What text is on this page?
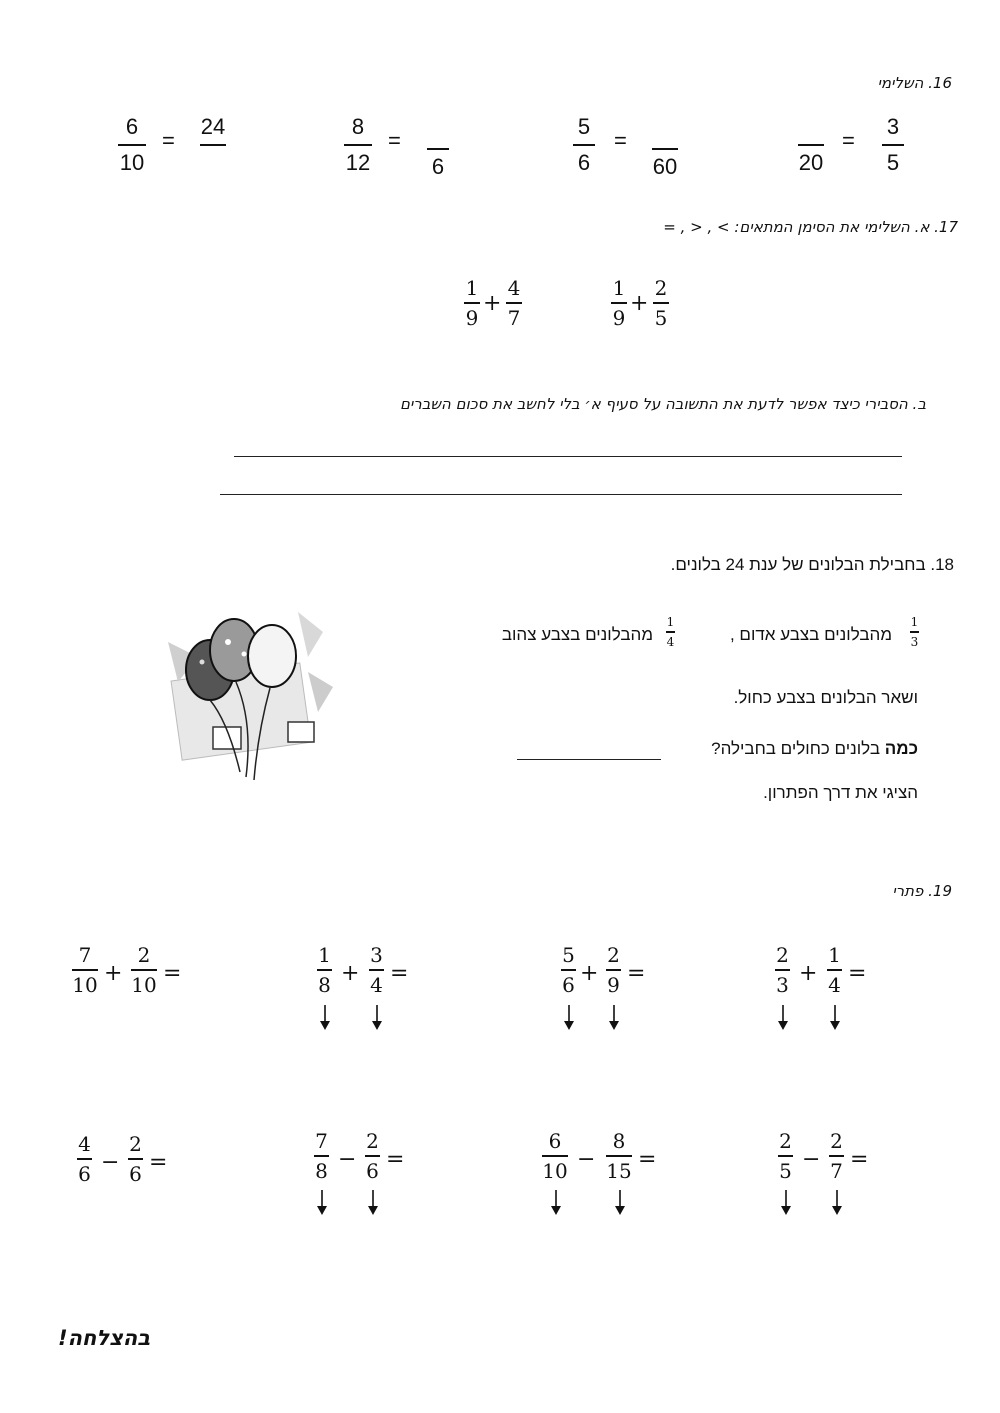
16. השלימי
6
10
=
24	8
12
=
6
5
6
=
60	20
=
3
5
17. א. השלימי את הסימן המתאים: > , < , =
1
9
+
4
7
1
9
+
2
5
ב. הסבירי כיצד אפשר לדעת את התשובה על סעיף א׳ בלי לחשב את סכום השברים
18. בחבילת הבלונים של ענת 24 בלונים.
1
3
מהבלונים בצבע אדום ,
1
4
מהבלונים בצבע צהוב
ושאר הבלונים בצבע כחול.
כמה בלונים כחולים בחבילה?
הציגי את דרך הפתרון.
19. פתרי
7
10 +
2
10 =
1
8 +
3
4 =
5
6 +
2
9 =
2
3 +
1
4 =
4
6 −
2
6 =
7
8 −
2
6 =
6
10 −
8
15 =
2
5 −
2
7 =
בהצלחה!
